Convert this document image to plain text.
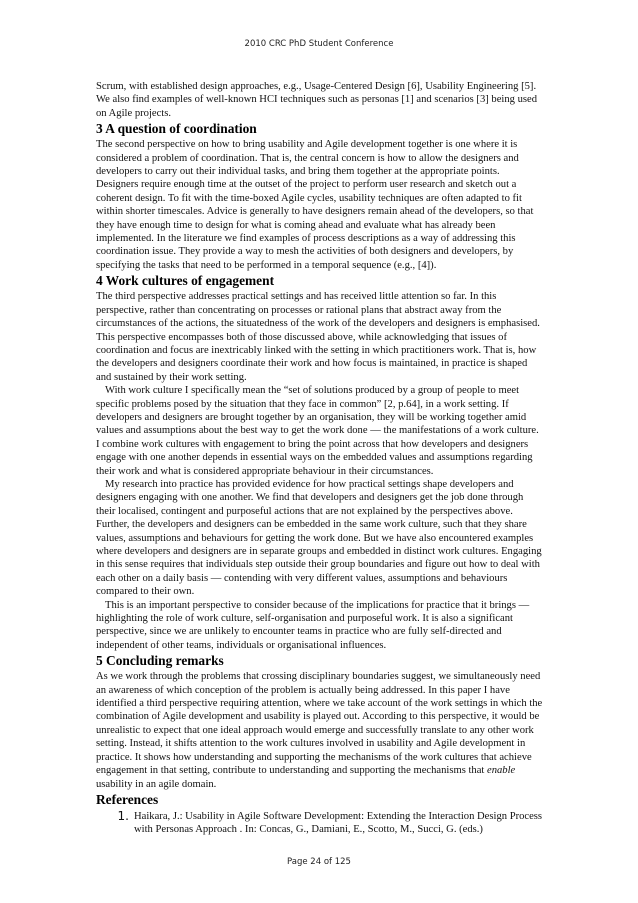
2010 CRC PhD Student Conference

Scrum, with established design approaches, e.g., Usage-Centered Design [6], Usability Engineering [5]. We also find examples of well-known HCI techniques such as personas [1] and scenarios [3] being used on Agile projects.

3 A question of coordination

The second perspective on how to bring usability and Agile development together is one where it is considered a problem of coordination. That is, the central concern is how to allow the designers and developers to carry out their individual tasks, and bring them together at the appropriate points. Designers require enough time at the outset of the project to perform user research and sketch out a coherent design. To fit with the time-boxed Agile cycles, usability techniques are often adapted to fit within shorter timescales. Advice is generally to have designers remain ahead of the developers, so that they have enough time to design for what is coming ahead and evaluate what has already been implemented. In the literature we find examples of process descriptions as a way of addressing this coordination issue. They provide a way to mesh the activities of both designers and developers, by specifying the tasks that need to be performed in a temporal sequence (e.g., [4]).

4 Work cultures of engagement

The third perspective addresses practical settings and has received little attention so far. In this perspective, rather than concentrating on processes or rational plans that abstract away from the circumstances of the actions, the situatedness of the work of the developers and designers is emphasised. This perspective encompasses both of those discussed above, while acknowledging that issues of coordination and focus are inextricably linked with the setting in which practitioners work. That is, how the developers and designers coordinate their work and how focus is maintained, in practice is shaped and sustained by their work setting.

With work culture I specifically mean the “set of solutions produced by a group of people to meet specific problems posed by the situation that they face in common” [2, p.64], in a work setting. If developers and designers are brought together by an organisation, they will be working together amid values and assumptions about the best way to get the work done — the manifestations of a work culture. I combine work cultures with engagement to bring the point across that how developers and designers engage with one another depends in essential ways on the embedded values and assumptions regarding their work and what is considered appropriate behaviour in their circumstances.

My research into practice has provided evidence for how practical settings shape developers and designers engaging with one another. We find that developers and designers get the job done through their localised, contingent and purposeful actions that are not explained by the perspectives above. Further, the developers and designers can be embedded in the same work culture, such that they share values, assumptions and behaviours for getting the work done. But we have also encountered examples where developers and designers are in separate groups and embedded in distinct work cultures. Engaging in this sense requires that individuals step outside their group boundaries and figure out how to deal with each other on a daily basis — contending with very different values, assumptions and behaviours compared to their own.

This is an important perspective to consider because of the implications for practice that it brings — highlighting the role of work culture, self-organisation and purposeful work. It is also a significant perspective, since we are unlikely to encounter teams in practice who are fully self-directed and independent of other teams, individuals or organisational influences.

5 Concluding remarks

As we work through the problems that crossing disciplinary boundaries suggest, we simultaneously need an awareness of which conception of the problem is actually being addressed. In this paper I have identified a third perspective requiring attention, where we take account of the work settings in which the combination of Agile development and usability is played out. According to this perspective, it would be unrealistic to expect that one ideal approach would emerge and successfully translate to any other work setting. Instead, it shifts attention to the work cultures involved in usability and Agile development in practice. It shows how understanding and supporting the mechanisms of the work cultures that achieve engagement in that setting, contribute to understanding and supporting the mechanisms that enable usability in an agile domain.

References
1. Haikara, J.: Usability in Agile Software Development: Extending the Interaction Design Process with Personas Approach . In: Concas, G., Damiani, E., Scotto, M., Succi, G. (eds.)
Page 24 of 125
